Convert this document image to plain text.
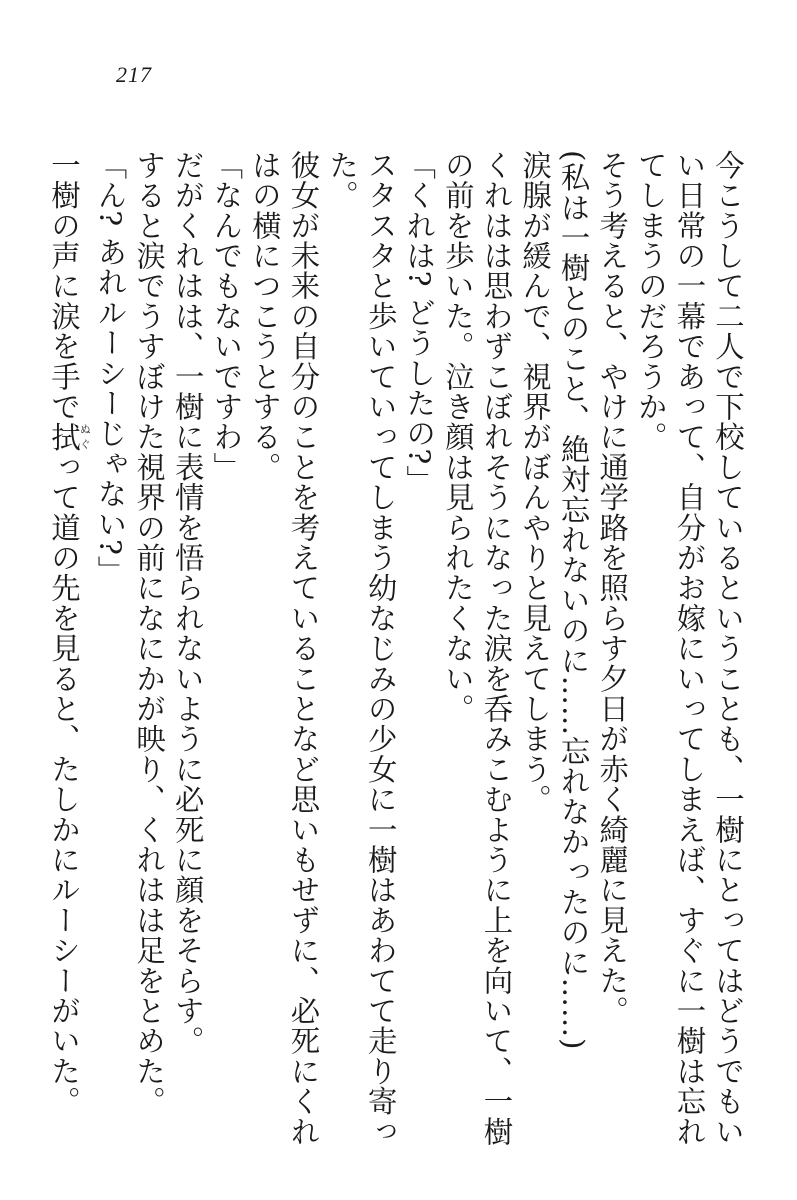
217

今こうして二人で下校しているということも、一樹にとってはどうでもいい日常の一幕であって、自分がお嫁にいってしまえば、すぐに一樹は忘れてしまうのだろうか。

そう考えると、やけに通学路を照らす夕日が赤く綺麗に見えた。

(私は一樹とのこと、絶対忘れないのに……忘れなかったのに……)

涙腺が緩んで、視界がぼんやりと見えてしまう。

くれはは思わずこぼれそうになった涙を呑みこむように上を向いて、一樹の前を歩いた。泣き顔は見られたくない。

「くれは? どうしたの?」

スタスタと歩いていってしまう幼なじみの少女に一樹はあわてて走り寄った。

彼女が未来の自分のことを考えていることなど思いもせずに、必死にくれはの横につこうとする。

「なんでもないですわ」

だがくれはは、一樹に表情を悟られないように必死に顔をそらす。

すると涙でうすぼけた視界の前になにかが映り、くれはは足をとめた。

「ん? あれルーシーじゃない?」

一樹の声に涙を手で拭ぬぐって道の先を見ると、たしかにルーシーがいた。
